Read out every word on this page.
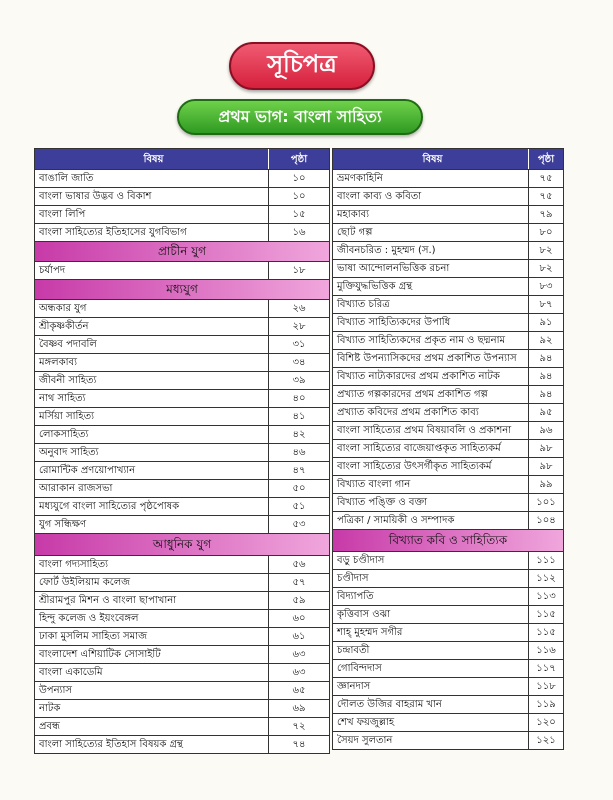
সূচিপত্র
প্রথম ভাগ: বাংলা সাহিত্য
বিষয়	পৃষ্ঠা
বাঙালি জাতি	১০
বাংলা ভাষার উদ্ভব ও বিকাশ	১০
বাংলা লিপি	১৫
বাংলা সাহিত্যের ইতিহাসের যুগবিভাগ	১৬
প্রাচীন যুগ
চর্যাপদ	১৮
মধ্যযুগ
অন্ধকার যুগ	২৬
শ্রীকৃষ্ণকীর্তন	২৮
বৈষ্ণব পদাবলি	৩১
মঙ্গলকাব্য	৩৪
জীবনী সাহিত্য	৩৯
নাথ সাহিত্য	৪০
মর্সিয়া সাহিত্য	৪১
লোকসাহিত্য	৪২
অনুবাদ সাহিত্য	৪৬
রোমান্টিক প্রণয়োপাখ্যান	৪৭
আরাকান রাজসভা	৫০
মধ্যযুগে বাংলা সাহিত্যের পৃষ্ঠপোষক	৫১
যুগ সন্ধিক্ষণ	৫৩
আধুনিক যুগ
বাংলা গদ্যসাহিত্য	৫৬
ফোর্ট উইলিয়াম কলেজ	৫৭
শ্রীরামপুর মিশন ও বাংলা ছাপাখানা	৫৯
হিন্দু কলেজ ও ইয়ংবেঙ্গল	৬০
ঢাকা মুসলিম সাহিত্য সমাজ	৬১
বাংলাদেশ এশিয়াটিক সোসাইটি	৬৩
বাংলা একাডেমি	৬৩
উপন্যাস	৬৫
নাটক	৬৯
প্রবন্ধ	৭২
বাংলা সাহিত্যের ইতিহাস বিষয়ক গ্রন্থ	৭৪
বিষয়	পৃষ্ঠা
ভ্রমণকাহিনি	৭৫
বাংলা কাব্য ও কবিতা	৭৫
মহাকাব্য	৭৯
ছোট গল্প	৮০
জীবনচরিত : মুহম্মদ (স.)	৮২
ভাষা আন্দোলনভিত্তিক রচনা	৮২
মুক্তিযুদ্ধভিত্তিক গ্রন্থ	৮৩
বিখ্যাত চরিত্র	৮৭
বিখ্যাত সাহিত্যিকদের উপাধি	৯১
বিখ্যাত সাহিত্যিকদের প্রকৃত নাম ও ছদ্মনাম	৯২
বিশিষ্ট উপন্যাসিকদের প্রথম প্রকাশিত উপন্যাস	৯৪
বিখ্যাত নাট্যকারদের প্রথম প্রকাশিত নাটক	৯৪
প্রখ্যাত গল্পকারদের প্রথম প্রকাশিত গল্প	৯৪
প্রখ্যাত কবিদের প্রথম প্রকাশিত কাব্য	৯৫
বাংলা সাহিত্যের প্রথম বিষয়াবলি ও প্রকাশনা	৯৬
বাংলা সাহিত্যের বাজেয়াপ্তকৃত সাহিত্যকর্ম	৯৮
বাংলা সাহিত্যের উৎসর্গীকৃত সাহিত্যকর্ম	৯৮
বিখ্যাত বাংলা গান	৯৯
বিখ্যাত পঙ্ক্তি ও বক্তা	১০১
পত্রিকা / সাময়িকী ও সম্পাদক	১০৪
বিখ্যাত কবি ও সাহিত্যিক
বড়ু চণ্ডীদাস	১১১
চণ্ডীদাস	১১২
বিদ্যাপতি	১১৩
কৃত্তিবাস ওঝা	১১৫
শাহ্ মুহম্মদ সগীর	১১৫
চন্দ্রাবতী	১১৬
গোবিন্দদাস	১১৭
জ্ঞানদাস	১১৮
দৌলত উজির বাহরাম খান	১১৯
শেখ ফয়জুল্লাহ	১২০
সৈয়দ সুলতান	১২১
